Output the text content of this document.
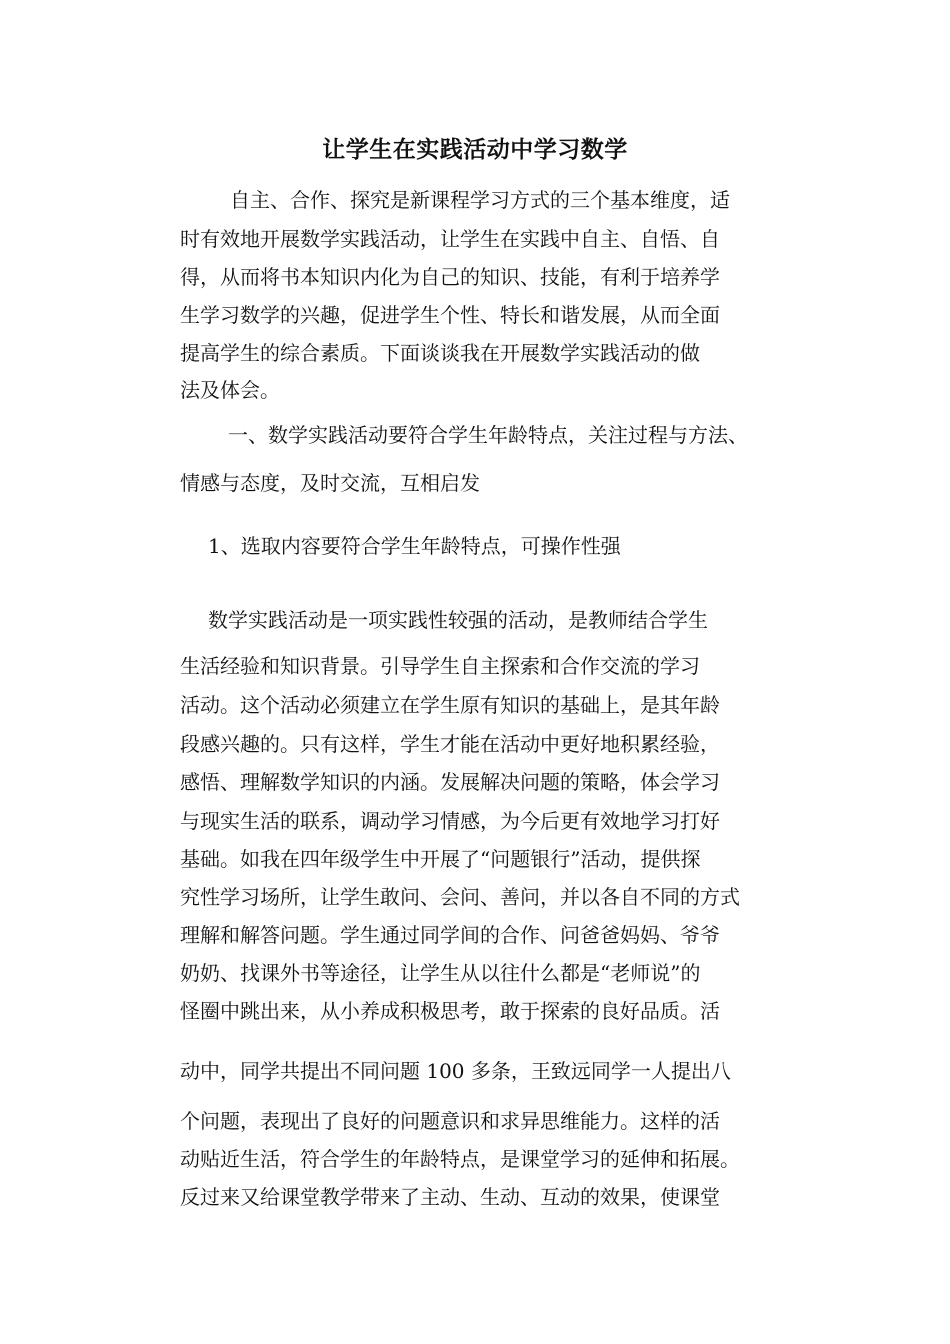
让学生在实践活动中学习数学

自主、合作、探究是新课程学习方式的三个基本维度，适

时有效地开展数学实践活动，让学生在实践中自主、自悟、自

得，从而将书本知识内化为自己的知识、技能，有利于培养学

生学习数学的兴趣，促进学生个性、特长和谐发展，从而全面

提高学生的综合素质。下面谈谈我在开展数学实践活动的做

法及体会。

一、数学实践活动要符合学生年龄特点，关注过程与方法、

情感与态度，及时交流，互相启发

1、选取内容要符合学生年龄特点，可操作性强

数学实践活动是一项实践性较强的活动，是教师结合学生

生活经验和知识背景。引导学生自主探索和合作交流的学习

活动。这个活动必须建立在学生原有知识的基础上，是其年龄

段感兴趣的。只有这样，学生才能在活动中更好地积累经验，

感悟、理解数学知识的内涵。发展解决问题的策略，体会学习

与现实生活的联系，调动学习情感，为今后更有效地学习打好

基础。如我在四年级学生中开展了“问题银行”活动，提供探

究性学习场所，让学生敢问、会问、善问，并以各自不同的方式

理解和解答问题。学生通过同学间的合作、问爸爸妈妈、爷爷

奶奶、找课外书等途径，让学生从以往什么都是“老师说”的

怪圈中跳出来，从小养成积极思考，敢于探索的良好品质。活

动中，同学共提出不同问题 100 多条，王致远同学一人提出八

个问题，表现出了良好的问题意识和求异思维能力。这样的活

动贴近生活，符合学生的年龄特点，是课堂学习的延伸和拓展。

反过来又给课堂教学带来了主动、生动、互动的效果，使课堂
